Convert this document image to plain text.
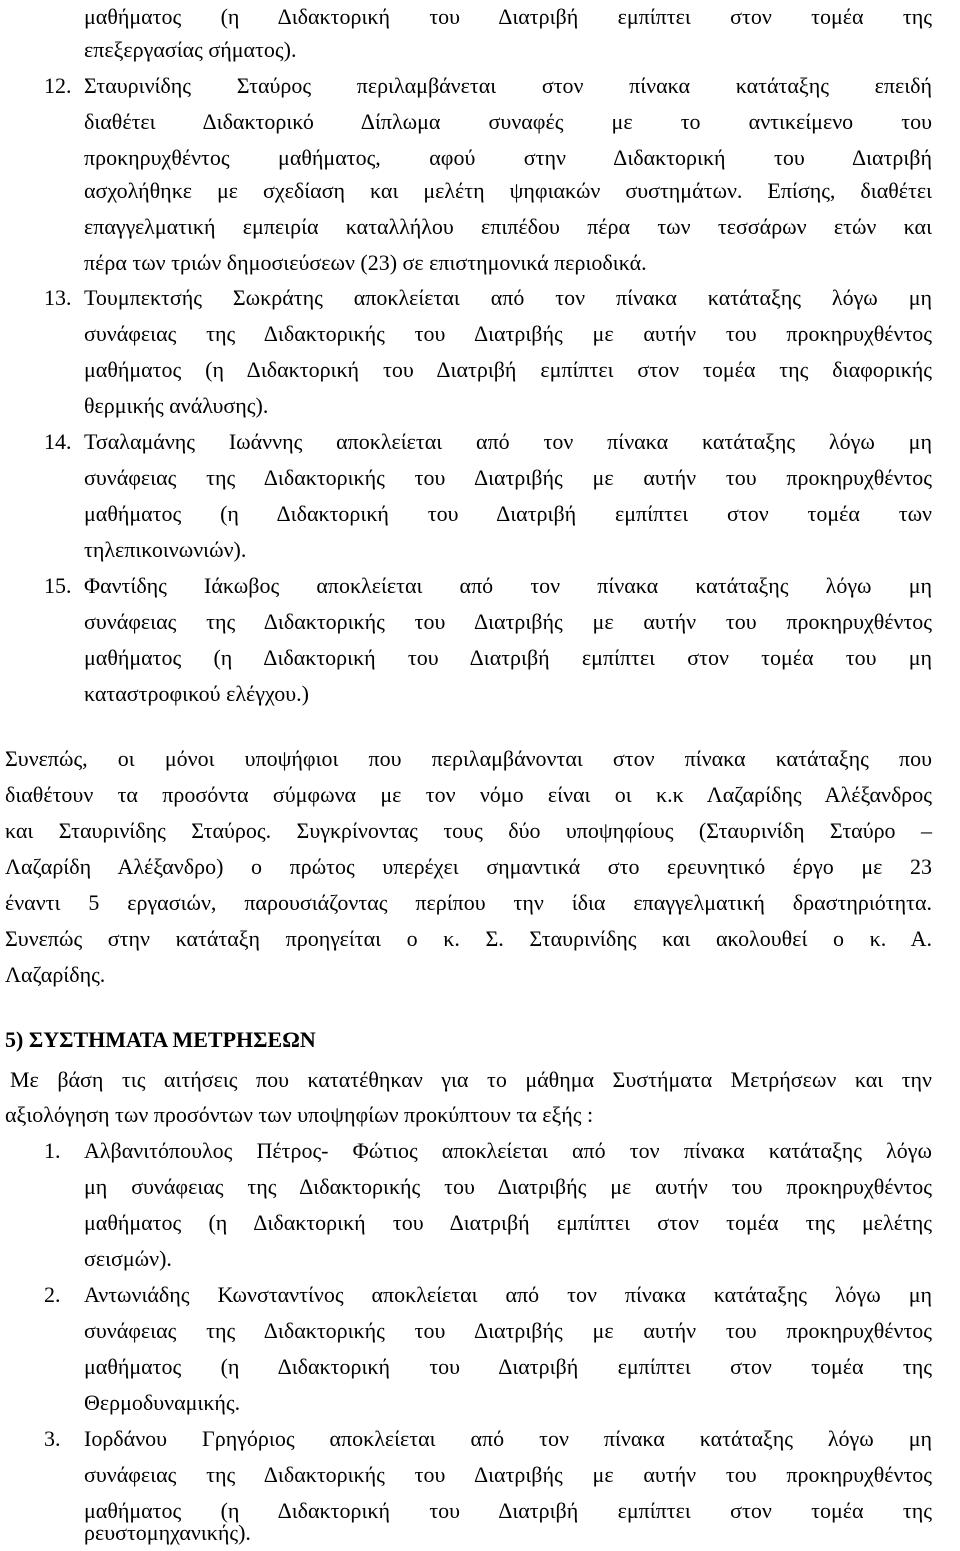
μαθήματος (η Διδακτορική του Διατριβή εμπίπτει στον τομέα της
επεξεργασίας σήματος).
12. Σταυρινίδης Σταύρος περιλαμβάνεται στον πίνακα κατάταξης επειδή
διαθέτει Διδακτορικό Δίπλωμα συναφές με το αντικείμενο του
προκηρυχθέντος μαθήματος, αφού στην Διδακτορική του Διατριβή
ασχολήθηκε με σχεδίαση και μελέτη ψηφιακών συστημάτων. Επίσης, διαθέτει
επαγγελματική εμπειρία καταλλήλου επιπέδου πέρα των τεσσάρων ετών και
πέρα των τριών δημοσιεύσεων (23) σε επιστημονικά περιοδικά.
13. Τουμπεκτσής Σωκράτης αποκλείεται από τον πίνακα κατάταξης λόγω μη
συνάφειας της Διδακτορικής του Διατριβής με αυτήν του προκηρυχθέντος
μαθήματος (η Διδακτορική του Διατριβή εμπίπτει στον τομέα της διαφορικής
θερμικής ανάλυσης).
14. Τσαλαμάνης Ιωάννης αποκλείεται από τον πίνακα κατάταξης λόγω μη
συνάφειας της Διδακτορικής του Διατριβής με αυτήν του προκηρυχθέντος
μαθήματος (η Διδακτορική του Διατριβή εμπίπτει στον τομέα των
τηλεπικοινωνιών).
15. Φαντίδης Ιάκωβος αποκλείεται από τον πίνακα κατάταξης λόγω μη
συνάφειας της Διδακτορικής του Διατριβής με αυτήν του προκηρυχθέντος
μαθήματος (η Διδακτορική του Διατριβή εμπίπτει στον τομέα του μη
καταστροφικού ελέγχου.)
Συνεπώς, οι μόνοι υποψήφιοι που περιλαμβάνονται στον πίνακα κατάταξης που
διαθέτουν τα προσόντα σύμφωνα με τον νόμο είναι οι κ.κ Λαζαρίδης Αλέξανδρος
και Σταυρινίδης Σταύρος. Συγκρίνοντας τους δύο υποψηφίους (Σταυρινίδη Σταύρο –
Λαζαρίδη Αλέξανδρο) ο πρώτος υπερέχει σημαντικά στο ερευνητικό έργο με 23
έναντι 5 εργασιών, παρουσιάζοντας περίπου την ίδια επαγγελματική δραστηριότητα.
Συνεπώς στην κατάταξη προηγείται ο κ. Σ. Σταυρινίδης και ακολουθεί ο κ. Α.
Λαζαρίδης.
5) ΣΥΣΤΗΜΑΤΑ ΜΕΤΡΗΣΕΩΝ
Με βάση τις αιτήσεις που κατατέθηκαν για το μάθημα Συστήματα Μετρήσεων και την
αξιολόγηση των προσόντων των υποψηφίων προκύπτουν τα εξής :
1. Αλβανιτόπουλος Πέτρος- Φώτιος αποκλείεται από τον πίνακα κατάταξης λόγω
μη συνάφειας της Διδακτορικής του Διατριβής με αυτήν του προκηρυχθέντος
μαθήματος (η Διδακτορική του Διατριβή εμπίπτει στον τομέα της μελέτης
σεισμών).
2. Αντωνιάδης Κωνσταντίνος αποκλείεται από τον πίνακα κατάταξης λόγω μη
συνάφειας της Διδακτορικής του Διατριβής με αυτήν του προκηρυχθέντος
μαθήματος (η Διδακτορική του Διατριβή εμπίπτει στον τομέα της
Θερμοδυναμικής.
3. Ιορδάνου Γρηγόριος αποκλείεται από τον πίνακα κατάταξης λόγω μη
συνάφειας της Διδακτορικής του Διατριβής με αυτήν του προκηρυχθέντος
μαθήματος (η Διδακτορική του Διατριβή εμπίπτει στον τομέα της
ρευστομηχανικής).
